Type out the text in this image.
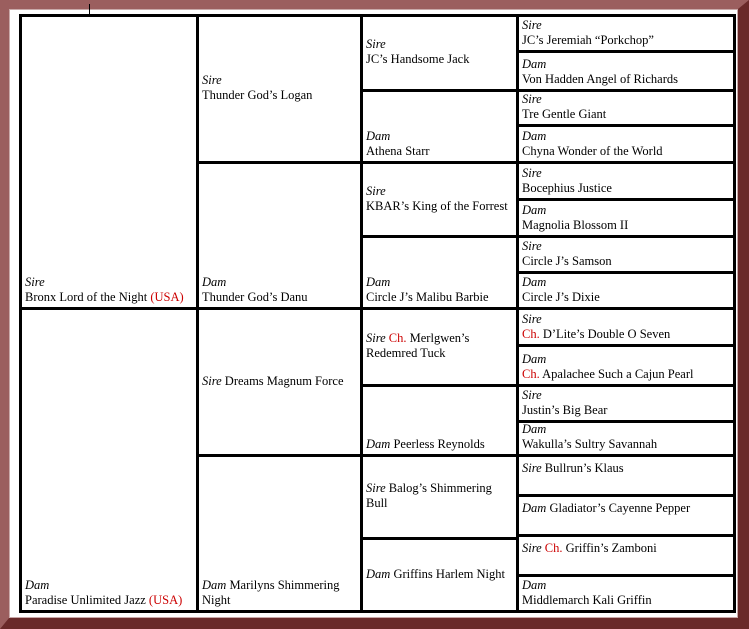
Sire
Bronx Lord of the Night (USA)
Dam
Paradise Unlimited Jazz (USA)
Sire
Thunder God’s Logan
Dam
Thunder God’s Danu
Sire Dreams Magnum Force
Dam Marilyns Shimmering Night
Sire
JC’s Handsome Jack
Dam
Athena Starr
Sire
KBAR’s King of the Forrest
Dam
Circle J’s Malibu Barbie
Sire Ch. Merlgwen’s Redemred Tuck
Dam Peerless Reynolds
Sire Balog’s Shimmering Bull
Dam Griffins Harlem Night
Sire
JC’s Jeremiah “Porkchop”
Dam
Von Hadden Angel of Richards
Sire
Tre Gentle Giant
Dam
Chyna Wonder of the World
Sire
Bocephius Justice
Dam
Magnolia Blossom II
Sire
Circle J’s Samson
Dam
Circle J’s Dixie
Sire
Ch. D’Lite’s Double O Seven
Dam
Ch. Apalachee Such a Cajun Pearl
Sire
Justin’s Big Bear
Dam
Wakulla’s Sultry Savannah
Sire Bullrun’s Klaus
Dam Gladiator’s Cayenne Pepper
Sire Ch. Griffin’s Zamboni
Dam
Middlemarch Kali Griffin
